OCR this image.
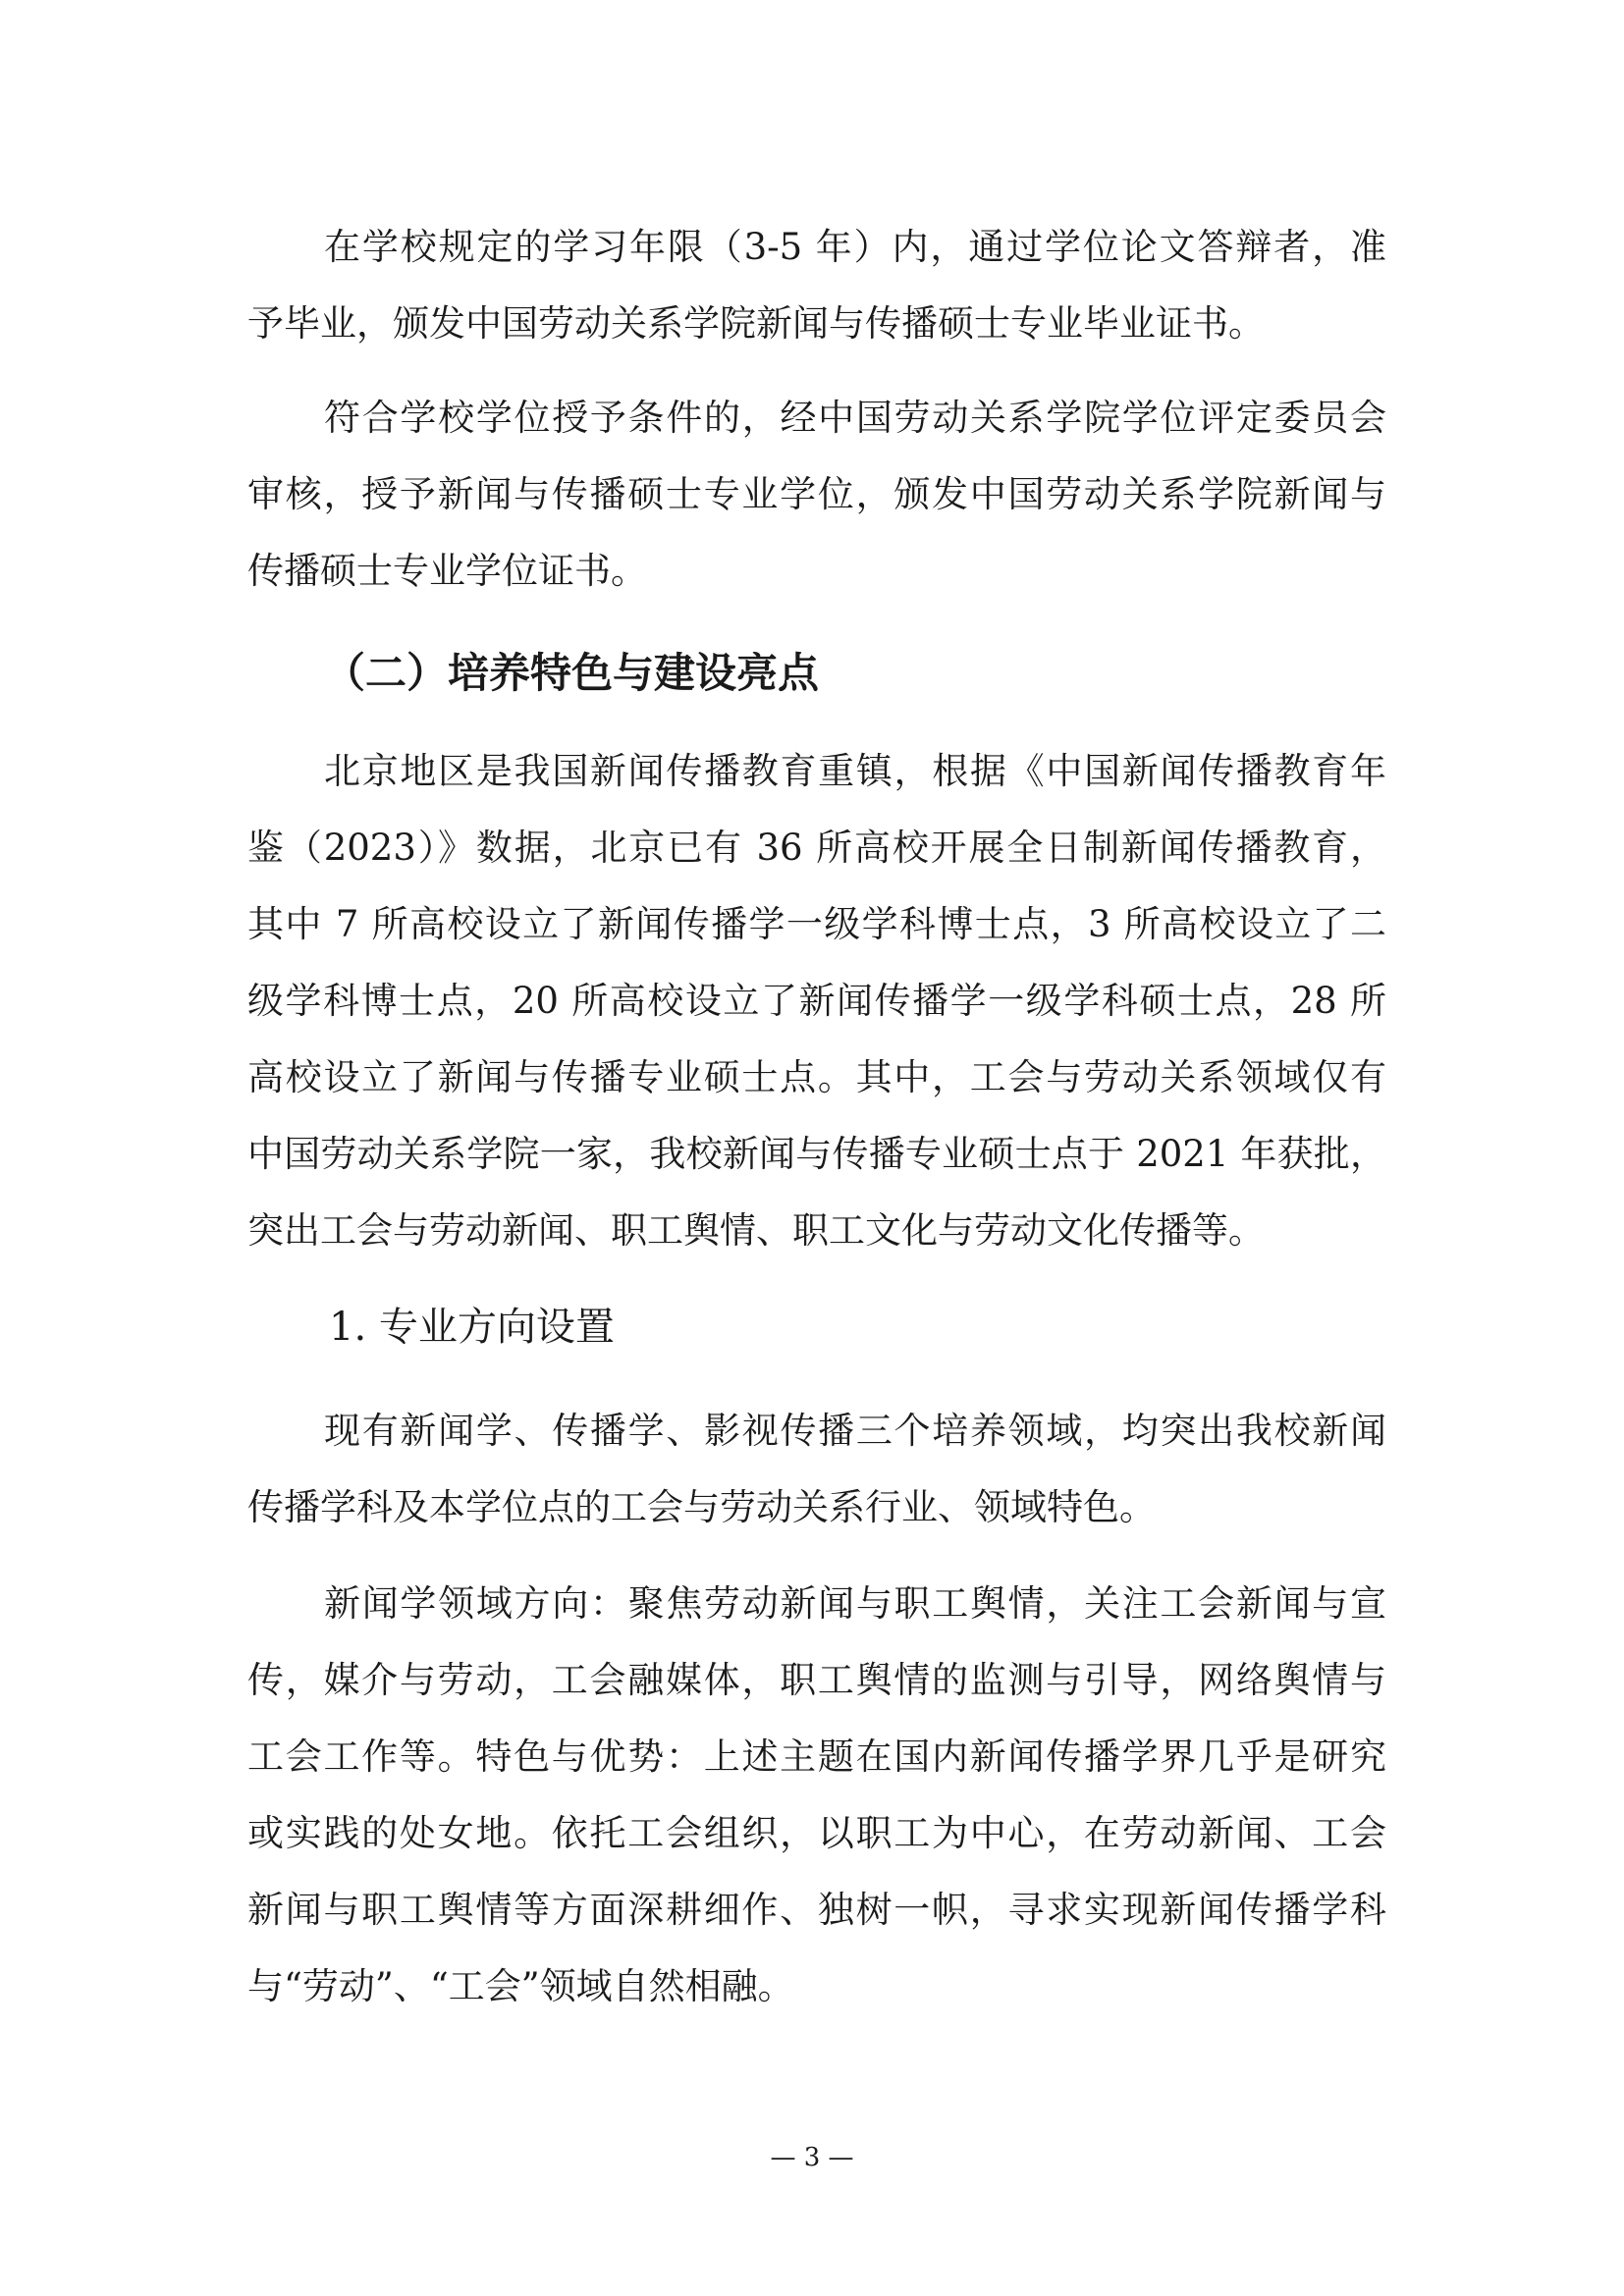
在学校规定的学习年限（3-5 年）内，通过学位论文答辩者，准
予毕业，颁发中国劳动关系学院新闻与传播硕士专业毕业证书。
符合学校学位授予条件的，经中国劳动关系学院学位评定委员会
审核，授予新闻与传播硕士专业学位，颁发中国劳动关系学院新闻与
传播硕士专业学位证书。
（二）培养特色与建设亮点
北京地区是我国新闻传播教育重镇，根据《中国新闻传播教育年
鉴（2023）》数据，北京已有 36 所高校开展全日制新闻传播教育，
其中 7 所高校设立了新闻传播学一级学科博士点，3 所高校设立了二
级学科博士点，20 所高校设立了新闻传播学一级学科硕士点，28 所
高校设立了新闻与传播专业硕士点。其中，工会与劳动关系领域仅有
中国劳动关系学院一家，我校新闻与传播专业硕士点于 2021 年获批，
突出工会与劳动新闻、职工舆情、职工文化与劳动文化传播等。
1. 专业方向设置
现有新闻学、传播学、影视传播三个培养领域，均突出我校新闻
传播学科及本学位点的工会与劳动关系行业、领域特色。
新闻学领域方向：聚焦劳动新闻与职工舆情，关注工会新闻与宣
传，媒介与劳动，工会融媒体，职工舆情的监测与引导，网络舆情与
工会工作等。特色与优势：上述主题在国内新闻传播学界几乎是研究
或实践的处女地。依托工会组织，以职工为中心，在劳动新闻、工会
新闻与职工舆情等方面深耕细作、独树一帜，寻求实现新闻传播学科
与“劳动”、“工会”领域自然相融。
— 3 —
